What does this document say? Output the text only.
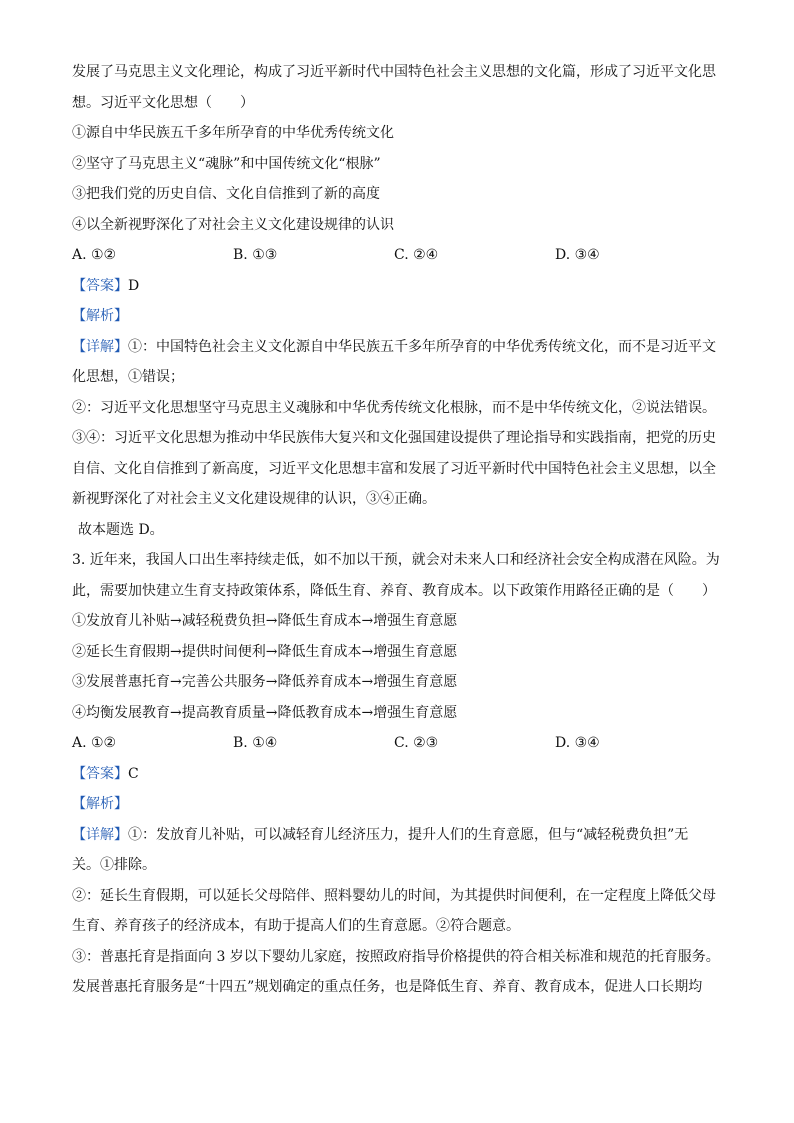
发展了马克思主义文化理论，构成了习近平新时代中国特色社会主义思想的文化篇，形成了习近平文化思
想。习近平文化思想（　　）
①源自中华民族五千多年所孕育的中华优秀传统文化
②坚守了马克思主义“魂脉”和中国传统文化“根脉”
③把我们党的历史自信、文化自信推到了新的高度
④以全新视野深化了对社会主义文化建设规律的认识
A. ①②	B. ①③	C. ②④	D. ③④
【答案】D
【解析】
【详解】①：中国特色社会主义文化源自中华民族五千多年所孕育的中华优秀传统文化，而不是习近平文
化思想，①错误；
②：习近平文化思想坚守马克思主义魂脉和中华优秀传统文化根脉，而不是中华传统文化，②说法错误。
③④：习近平文化思想为推动中华民族伟大复兴和文化强国建设提供了理论指导和实践指南，把党的历史
自信、文化自信推到了新高度，习近平文化思想丰富和发展了习近平新时代中国特色社会主义思想，以全
新视野深化了对社会主义文化建设规律的认识，③④正确。
故本题选 D。
3. 近年来，我国人口出生率持续走低，如不加以干预，就会对未来人口和经济社会安全构成潜在风险。为
此，需要加快建立生育支持政策体系，降低生育、养育、教育成本。以下政策作用路径正确的是（　　）
①发放育儿补贴→减轻税费负担→降低生育成本→增强生育意愿
②延长生育假期→提供时间便利→降低生育成本→增强生育意愿
③发展普惠托育→完善公共服务→降低养育成本→增强生育意愿
④均衡发展教育→提高教育质量→降低教育成本→增强生育意愿
A. ①②	B. ①④	C. ②③	D. ③④
【答案】C
【解析】
【详解】①：发放育儿补贴，可以减轻育儿经济压力，提升人们的生育意愿，但与“减轻税费负担”无
关。①排除。
②：延长生育假期，可以延长父母陪伴、照料婴幼儿的时间，为其提供时间便利，在一定程度上降低父母
生育、养育孩子的经济成本，有助于提高人们的生育意愿。②符合题意。
③：普惠托育是指面向 3 岁以下婴幼儿家庭，按照政府指导价格提供的符合相关标准和规范的托育服务。
发展普惠托育服务是“十四五”规划确定的重点任务，也是降低生育、养育、教育成本，促进人口长期均
